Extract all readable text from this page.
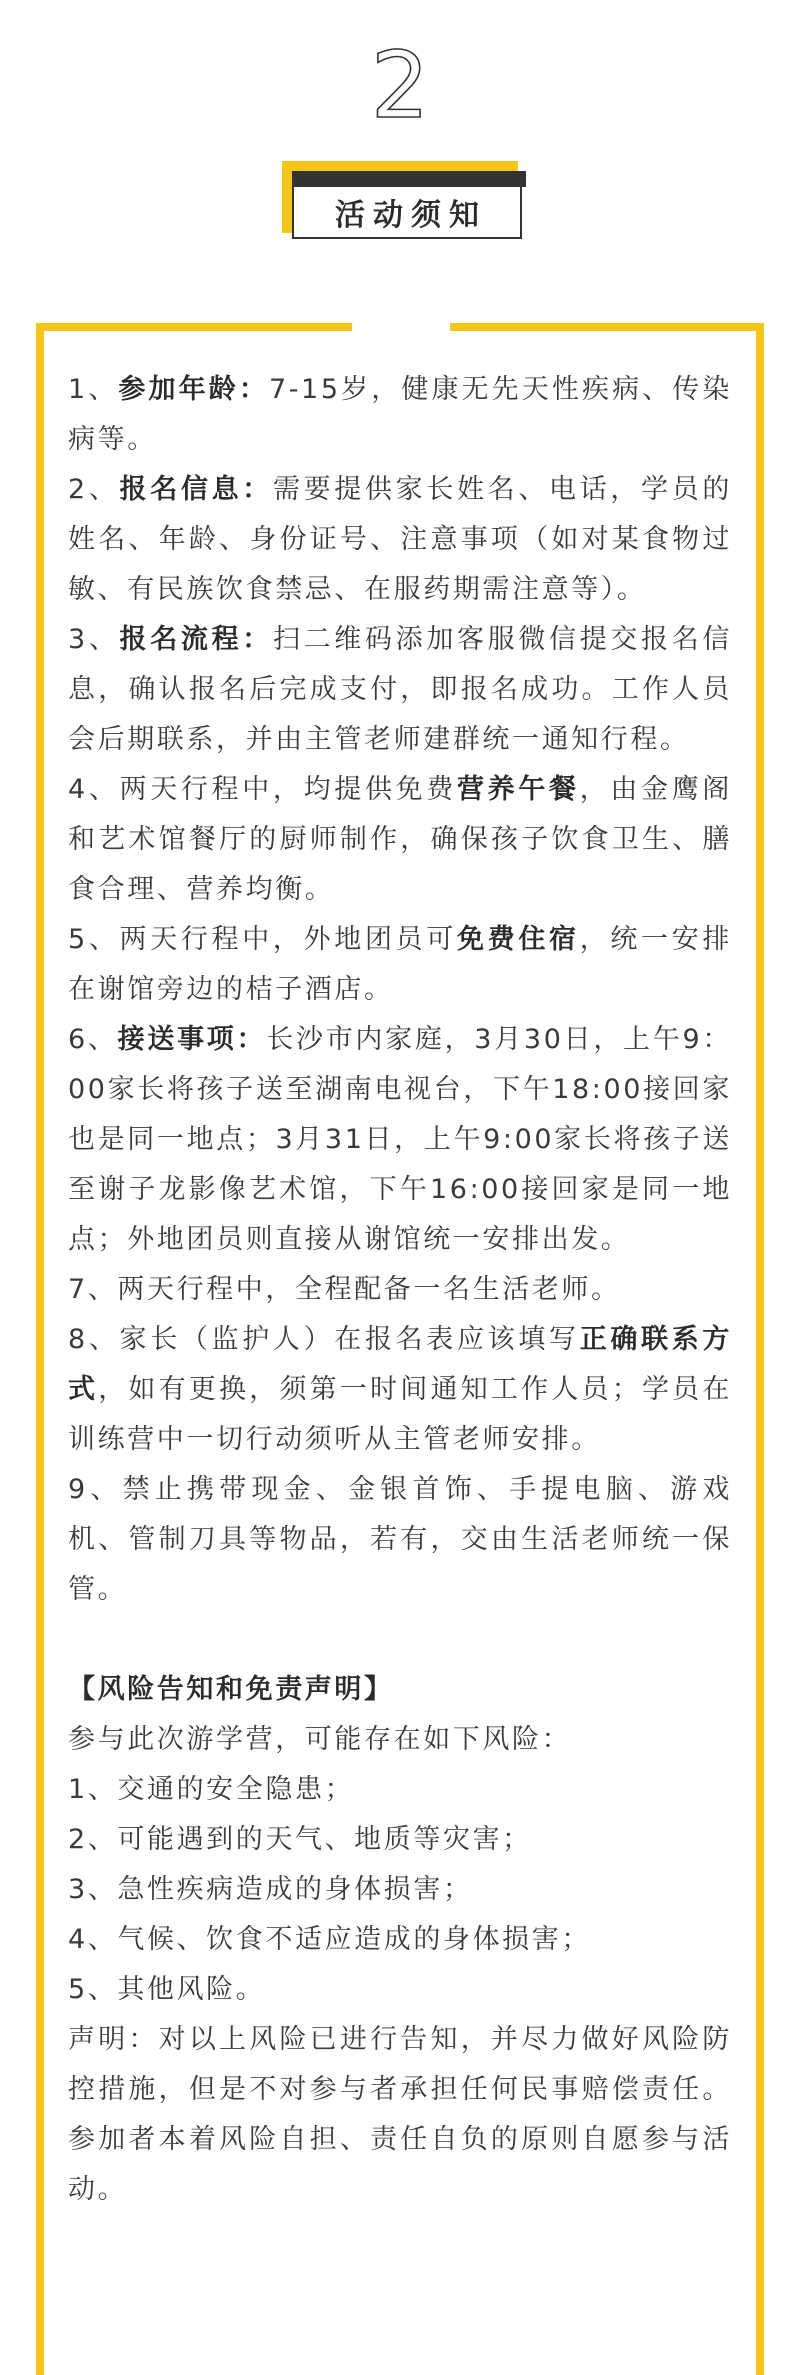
2
活动须知

1、参加年龄：7-15岁，健康无先天性疾病、传染病等。

2、报名信息：需要提供家长姓名、电话，学员的姓名、年龄、身份证号、注意事项（如对某食物过敏、有民族饮食禁忌、在服药期需注意等）。

3、报名流程：扫二维码添加客服微信提交报名信息，确认报名后完成支付，即报名成功。工作人员会后期联系，并由主管老师建群统一通知行程。

4、两天行程中，均提供免费营养午餐，由金鹰阁和艺术馆餐厅的厨师制作，确保孩子饮食卫生、膳食合理、营养均衡。

5、两天行程中，外地团员可免费住宿，统一安排在谢馆旁边的桔子酒店。

6、接送事项：长沙市内家庭，3月30日，上午9：00家长将孩子送至湖南电视台，下午18:00接回家也是同一地点；3月31日，上午9:00家长将孩子送至谢子龙影像艺术馆，下午16:00接回家是同一地点；外地团员则直接从谢馆统一安排出发。

7、两天行程中，全程配备一名生活老师。

8、家长（监护人）在报名表应该填写正确联系方式，如有更换，须第一时间通知工作人员；学员在训练营中一切行动须听从主管老师安排。

9、禁止携带现金、金银首饰、手提电脑、游戏机、管制刀具等物品，若有，交由生活老师统一保管。

【风险告知和免责声明】

参与此次游学营，可能存在如下风险：

1、交通的安全隐患；

2、可能遇到的天气、地质等灾害；

3、急性疾病造成的身体损害；

4、气候、饮食不适应造成的身体损害；

5、其他风险。

声明：对以上风险已进行告知，并尽力做好风险防控措施，但是不对参与者承担任何民事赔偿责任。参加者本着风险自担、责任自负的原则自愿参与活动。
